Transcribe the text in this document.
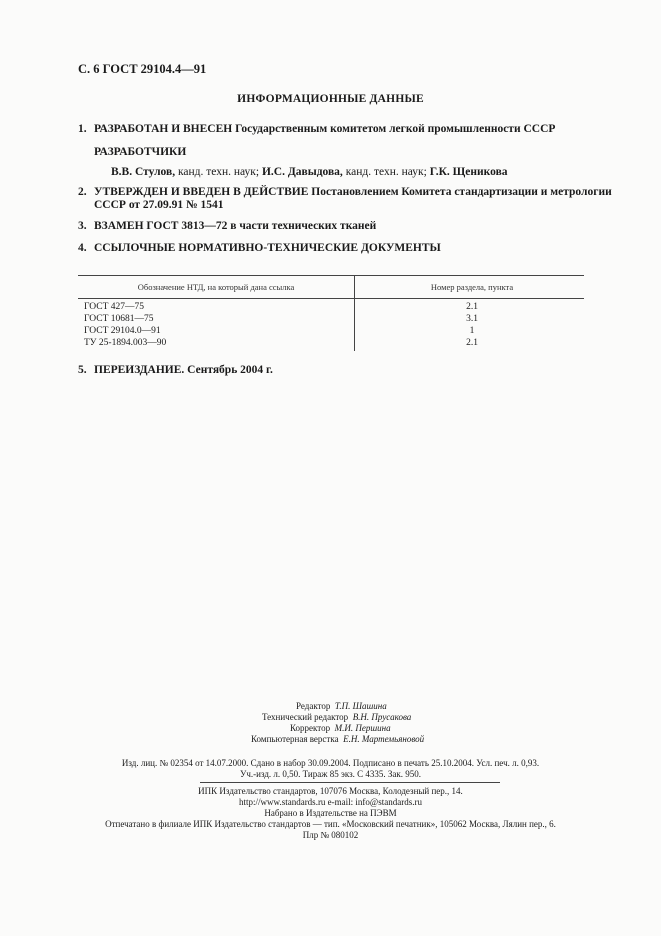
С. 6 ГОСТ 29104.4—91
ИНФОРМАЦИОННЫЕ ДАННЫЕ
1. РАЗРАБОТАН И ВНЕСЕН Государственным комитетом легкой промышленности СССР
РАЗРАБОТЧИКИ
В.В. Стулов, канд. техн. наук; И.С. Давыдова, канд. техн. наук; Г.К. Щеникова
2. УТВЕРЖДЕН И ВВЕДЕН В ДЕЙСТВИЕ Постановлением Комитета стандартизации и метрологии
СССР от 27.09.91 № 1541
3. ВЗАМЕН ГОСТ 3813—72 в части технических тканей
4. ССЫЛОЧНЫЕ НОРМАТИВНО-ТЕХНИЧЕСКИЕ ДОКУМЕНТЫ
Обозначение НТД, на который дана ссылка	Номер раздела, пункта
ГОСТ 427—75	2.1
ГОСТ 10681—75	3.1
ГОСТ 29104.0—91	1
ТУ 25-1894.003—90	2.1
5. ПЕРЕИЗДАНИЕ. Сентябрь 2004 г.
Редактор Т.П. Шашина
Технический редактор В.Н. Прусакова
Корректор М.И. Першина
Компьютерная верстка Е.Н. Мартемьяновой
Изд. лиц. № 02354 от 14.07.2000. Сдано в набор 30.09.2004. Подписано в печать 25.10.2004. Усл. печ. л. 0,93.
Уч.-изд. л. 0,50. Тираж 85 экз. С 4335. Зак. 950.
ИПК Издательство стандартов, 107076 Москва, Колодезный пер., 14.
http://www.standards.ru e-mail: info@standards.ru
Набрано в Издательстве на ПЭВМ
Отпечатано в филиале ИПК Издательство стандартов — тип. «Московский печатник», 105062 Москва, Лялин пер., 6.
Плр № 080102
